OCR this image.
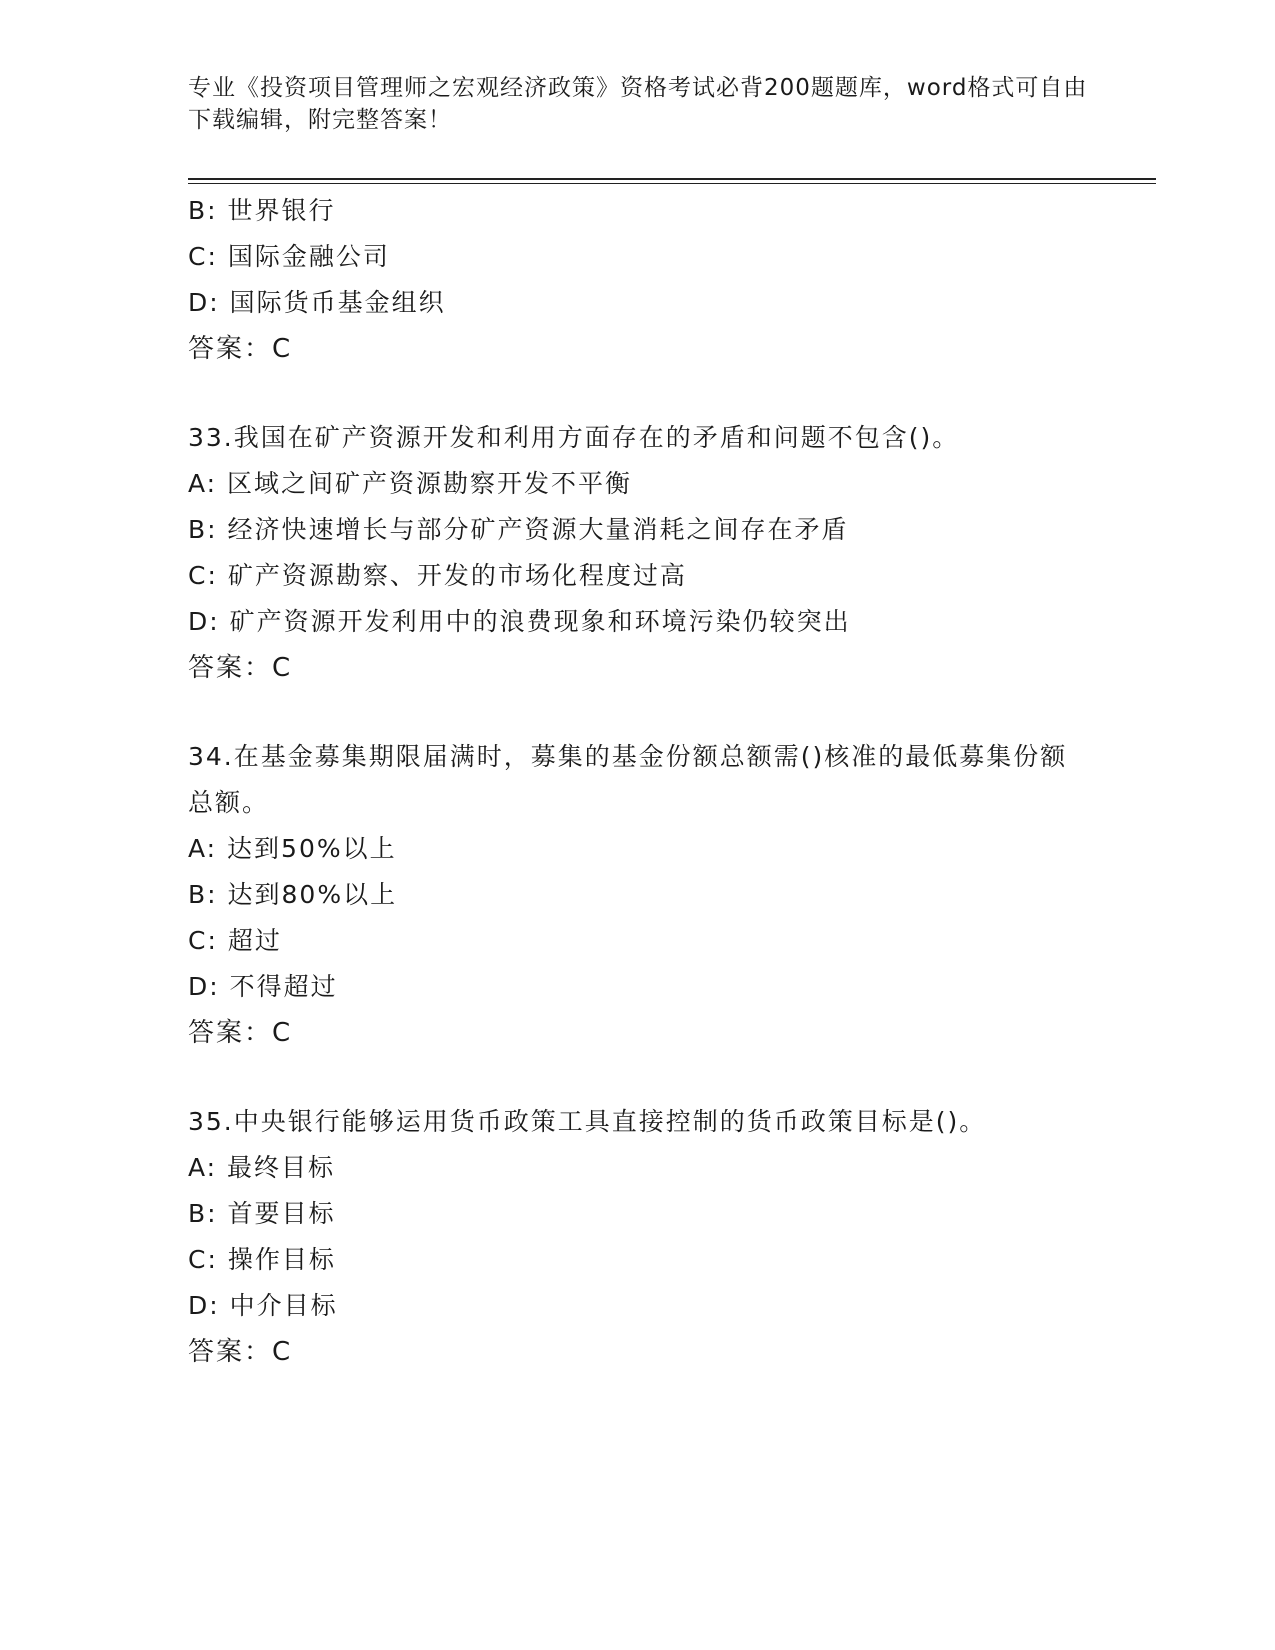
专业《投资项目管理师之宏观经济政策》资格考试必背200题题库，word格式可自由下载编辑，附完整答案！
B: 世界银行
C: 国际金融公司
D: 国际货币基金组织
答案：C
33.我国在矿产资源开发和利用方面存在的矛盾和问题不包含()。
A: 区域之间矿产资源勘察开发不平衡
B: 经济快速增长与部分矿产资源大量消耗之间存在矛盾
C: 矿产资源勘察、开发的市场化程度过高
D: 矿产资源开发利用中的浪费现象和环境污染仍较突出
答案：C
34.在基金募集期限届满时，募集的基金份额总额需()核准的最低募集份额总额。
A: 达到50%以上
B: 达到80%以上
C: 超过
D: 不得超过
答案：C
35.中央银行能够运用货币政策工具直接控制的货币政策目标是()。
A: 最终目标
B: 首要目标
C: 操作目标
D: 中介目标
答案：C
